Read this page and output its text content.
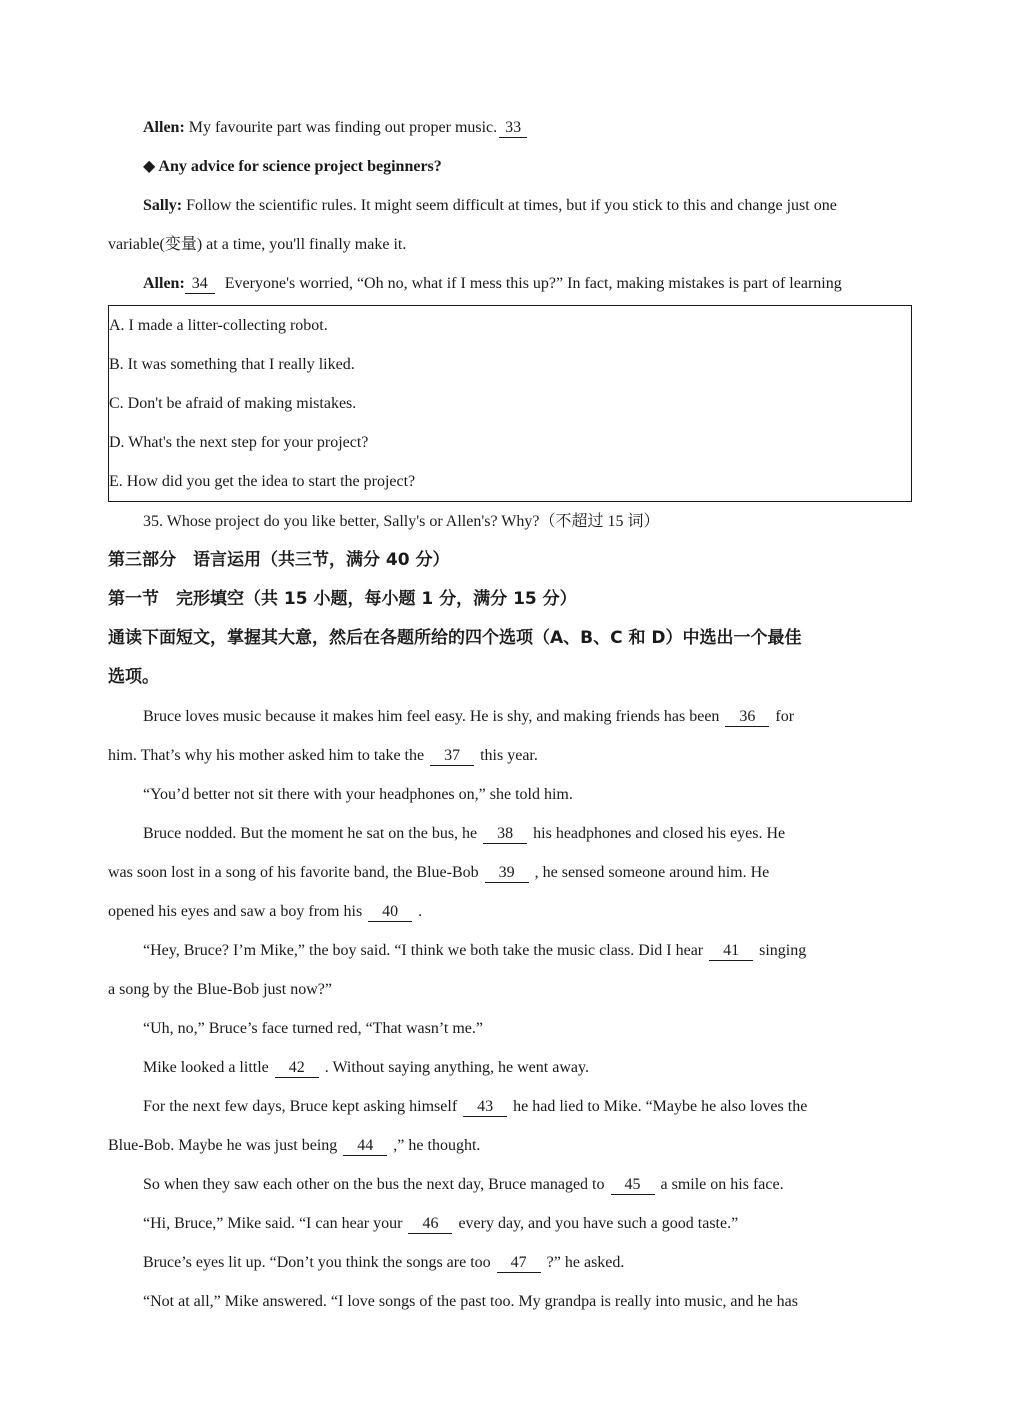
Allen: My favourite part was finding out proper music. 33
◆ Any advice for science project beginners?
Sally: Follow the scientific rules. It might seem difficult at times, but if you stick to this and change just one
variable(变量) at a time, you'll finally make it.
Allen: 34 Everyone's worried, “Oh no, what if I mess this up?” In fact, making mistakes is part of learning
A. I made a litter-collecting robot.
B. It was something that I really liked.
C. Don't be afraid of making mistakes.
D. What's the next step for your project?
E. How did you get the idea to start the project?
35. Whose project do you like better, Sally's or Allen's? Why?（不超过 15 词）
第三部分　语言运用（共三节，满分 40 分）
第一节　完形填空（共 15 小题，每小题 1 分，满分 15 分）
通读下面短文，掌握其大意，然后在各题所给的四个选项（A、B、C 和 D）中选出一个最佳
选项。
Bruce loves music because it makes him feel easy. He is shy, and making friends has been 36 for
him. That’s why his mother asked him to take the 37 this year.
“You’d better not sit there with your headphones on,” she told him.
Bruce nodded. But the moment he sat on the bus, he 38 his headphones and closed his eyes. He
was soon lost in a song of his favorite band, the Blue-Bob 39 , he sensed someone around him. He
opened his eyes and saw a boy from his 40 .
“Hey, Bruce? I’m Mike,” the boy said. “I think we both take the music class. Did I hear 41 singing
a song by the Blue-Bob just now?”
“Uh, no,” Bruce’s face turned red, “That wasn’t me.”
Mike looked a little 42 . Without saying anything, he went away.
For the next few days, Bruce kept asking himself 43 he had lied to Mike. “Maybe he also loves the
Blue-Bob. Maybe he was just being 44 ,” he thought.
So when they saw each other on the bus the next day, Bruce managed to 45 a smile on his face.
“Hi, Bruce,” Mike said. “I can hear your 46 every day, and you have such a good taste.”
Bruce’s eyes lit up. “Don’t you think the songs are too 47 ?” he asked.
“Not at all,” Mike answered. “I love songs of the past too. My grandpa is really into music, and he has
